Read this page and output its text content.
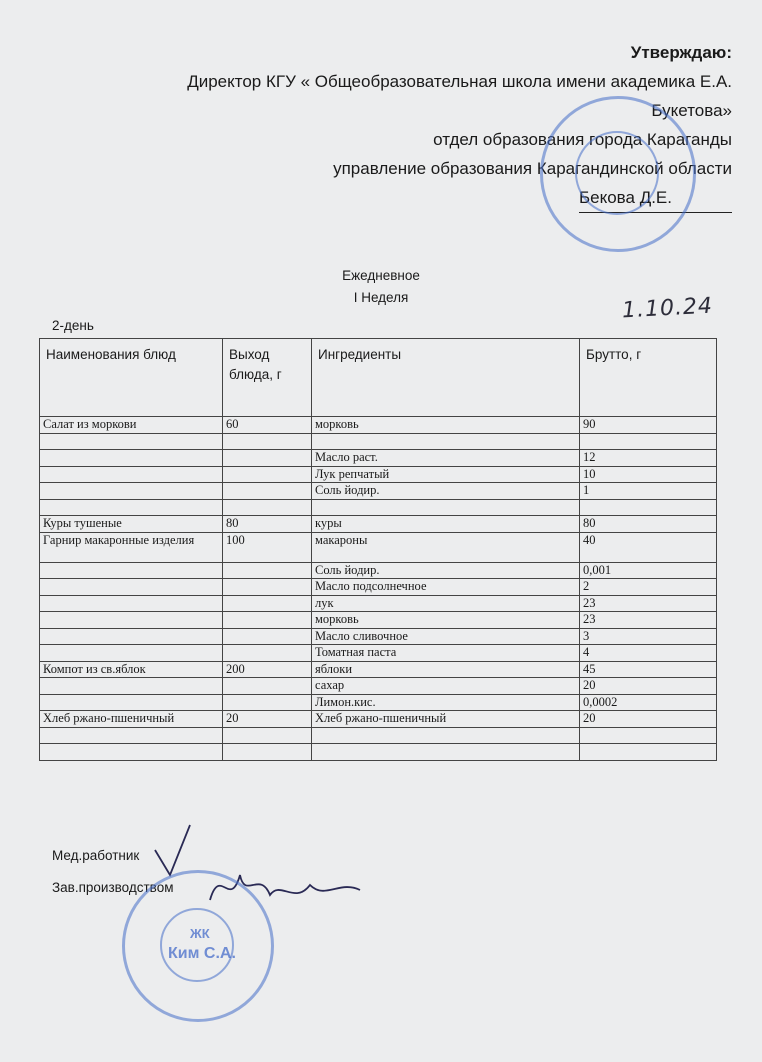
Утверждаю:
Директор КГУ « Общеобразовательная школа имени академика Е.А.
Букетова»
отдел образования города Караганды
управление образования Карагандинской области
Бекова Д.Е.
Ежедневное
I Неделя
2-день
1.10.24
Наименования блюд	Выход блюда, г	Ингредиенты	Брутто, г
Салат из моркови	60	морковь	90

		Масло раст.	12
		Лук репчатый	10
		Соль йодир.	1

Куры тушеные	80	куры	80
Гарнир макаронные изделия	100	макароны	40
		Соль йодир.	0,001
		Масло подсолнечное	2
		лук	23
		морковь	23
		Масло сливочное	3
		Томатная паста	4
Компот из св.яблок	200	яблоки	45
		сахар	20
		Лимон.кис.	0,0002
Хлеб ржано-пшеничный	20	Хлеб ржано-пшеничный	20

Мед.работник
Зав.производством
ЖК
Ким С.А.
